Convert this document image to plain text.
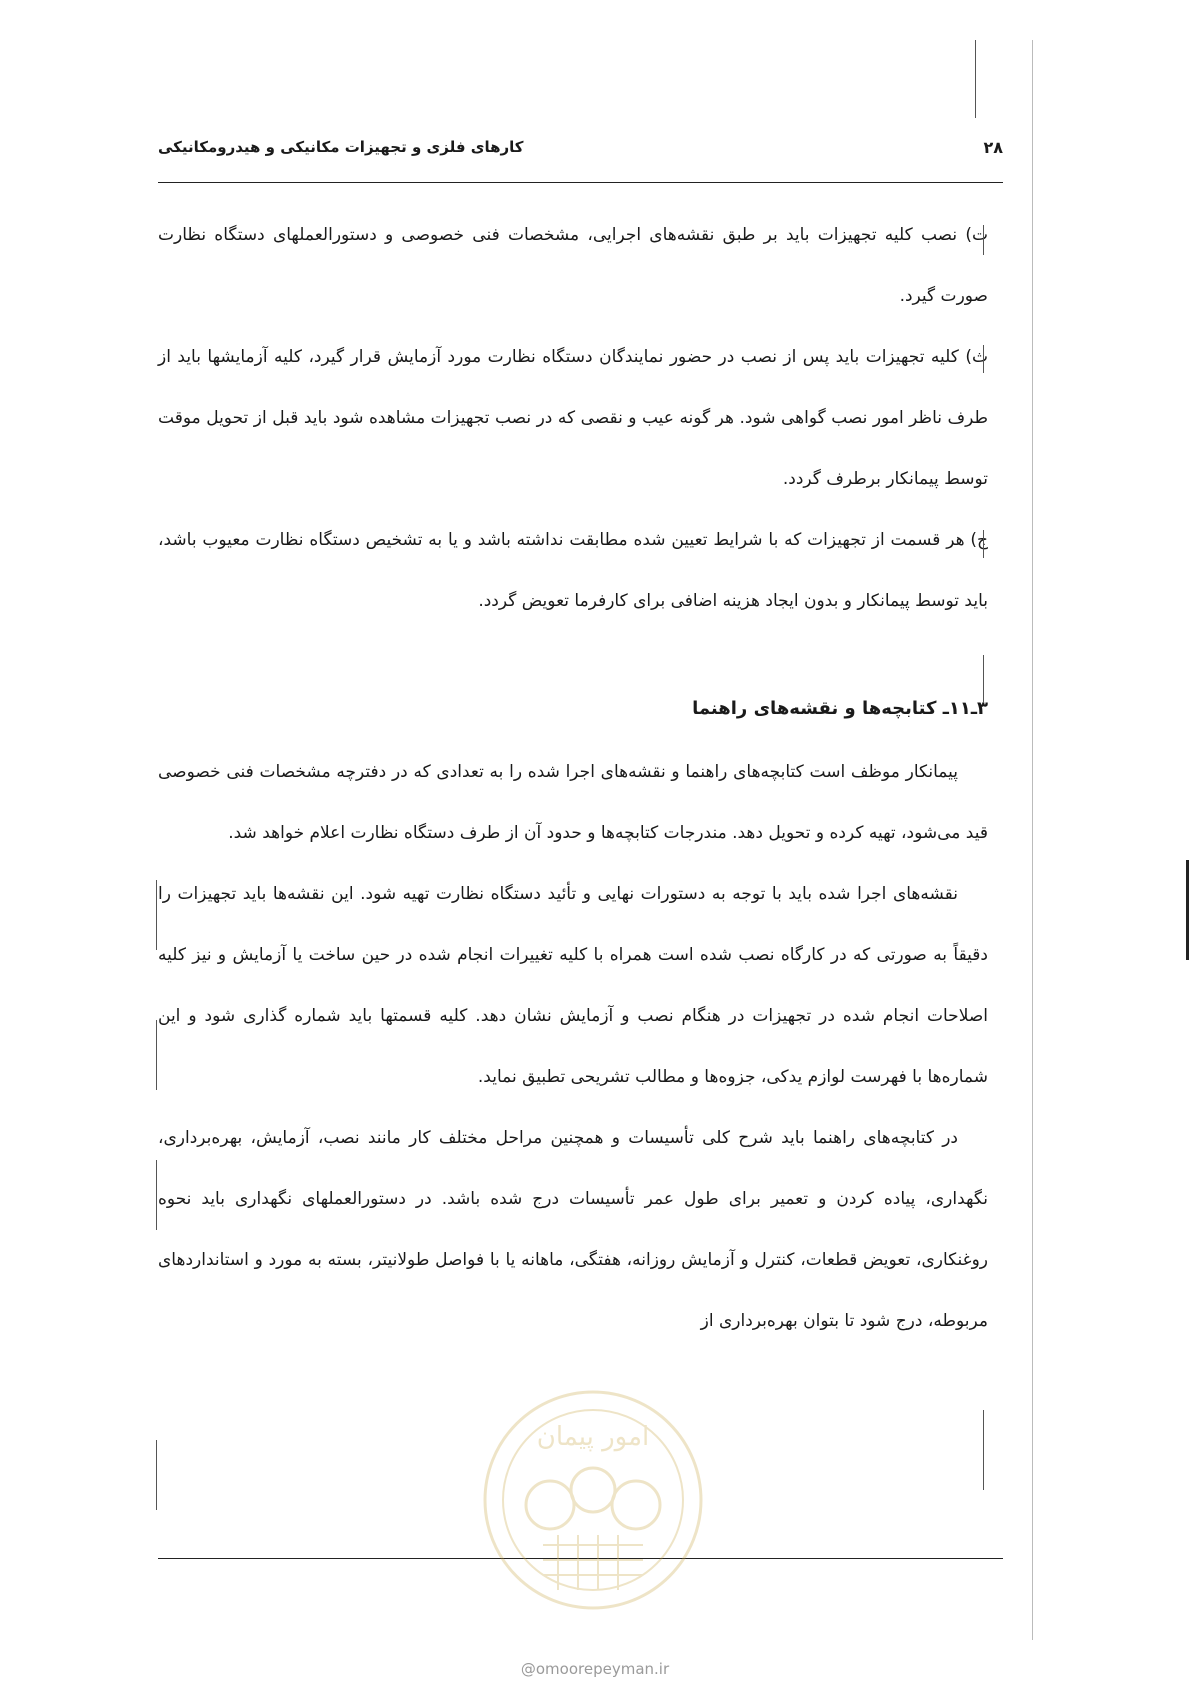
۲۸
کارهای فلزی و تجهیزات مکانیکی و هیدرومکانیکی

ت) نصب کلیه تجهیزات باید بر طبق نقشه‌های اجرایی، مشخصات فنی خصوصی و دستورالعملهای دستگاه نظارت صورت گیرد.

ث) کلیه تجهیزات باید پس از نصب در حضور نمایندگان دستگاه نظارت مورد آزمایش قرار گیرد، کلیه آزمایشها باید از طرف ناظر امور نصب گواهی شود. هر گونه عیب و نقصی که در نصب تجهیزات مشاهده شود باید قبل از تحویل موقت توسط پیمانکار برطرف گردد.

ج) هر قسمت از تجهیزات که با شرایط تعیین شده مطابقت نداشته باشد و یا به تشخیص دستگاه نظارت معیوب باشد، باید توسط پیمانکار و بدون ایجاد هزینه اضافی برای کارفرما تعویض گردد.

۳ـ۱۱ـ کتابچه‌ها و نقشه‌های راهنما

پیمانکار موظف است کتابچه‌های راهنما و نقشه‌های اجرا شده را به تعدادی که در دفترچه مشخصات فنی خصوصی قید می‌شود، تهیه کرده و تحویل دهد. مندرجات کتابچه‌ها و حدود آن از طرف دستگاه نظارت اعلام خواهد شد.

نقشه‌های اجرا شده باید با توجه به دستورات نهایی و تأئید دستگاه نظارت تهیه شود. این نقشه‌ها باید تجهیزات را دقیقاً به صورتی که در کارگاه نصب شده است همراه با کلیه تغییرات انجام شده در حین ساخت یا آزمایش و نیز کلیه اصلاحات انجام شده در تجهیزات در هنگام نصب و آزمایش نشان دهد. کلیه قسمتها باید شماره گذاری شود و این شماره‌ها با فهرست لوازم یدکی، جزوه‌ها و مطالب تشریحی تطبیق نماید.

در کتابچه‌های راهنما باید شرح کلی تأسیسات و همچنین مراحل مختلف کار مانند نصب، آزمایش، بهره‌برداری، نگهداری، پیاده کردن و تعمیر برای طول عمر تأسیسات درج شده باشد. در دستورالعملهای نگهداری باید نحوه روغنکاری، تعویض قطعات، کنترل و آزمایش روزانه، هفتگی، ماهانه یا با فواصل طولانیتر، بسته به مورد و استانداردهای مربوطه، درج شود تا بتوان بهره‌برداری از

امور پیمان
@omoorepeyman.ir
